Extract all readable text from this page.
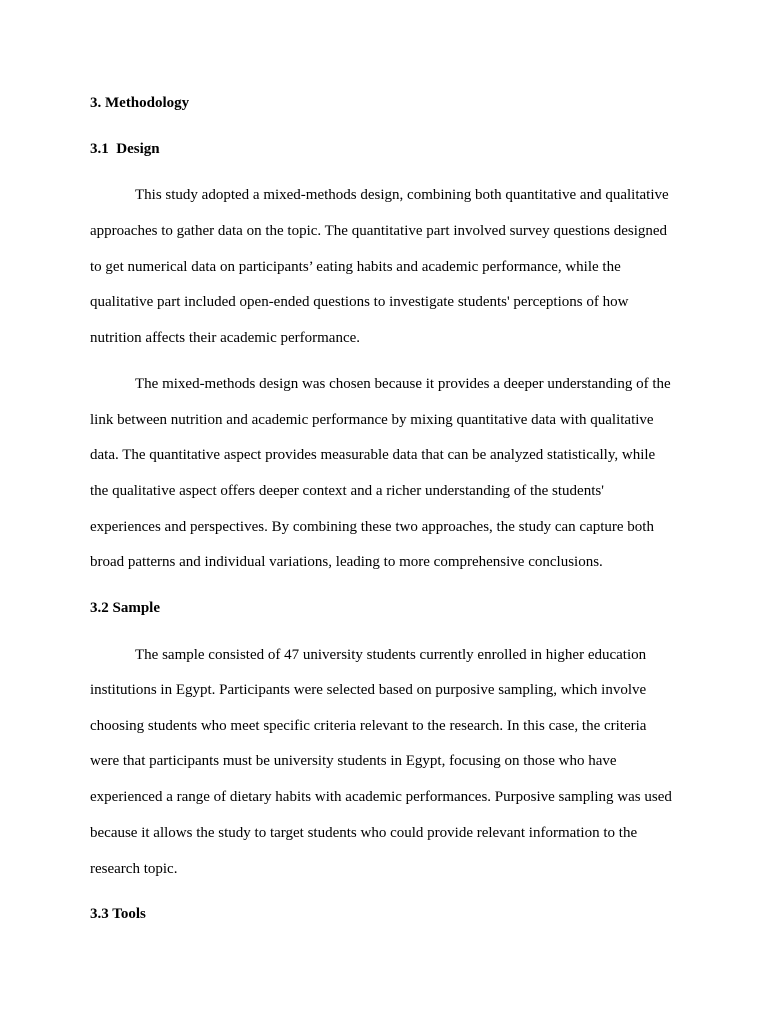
3. Methodology
3.1  Design
This study adopted a mixed-methods design, combining both quantitative and qualitative
approaches to gather data on the topic. The quantitative part involved survey questions designed
to get numerical data on participants’ eating habits and academic performance, while the
qualitative part included open-ended questions to investigate students' perceptions of how
nutrition affects their academic performance.
The mixed-methods design was chosen because it provides a deeper understanding of the
link between nutrition and academic performance by mixing quantitative data with qualitative
data. The quantitative aspect provides measurable data that can be analyzed statistically, while
the qualitative aspect offers deeper context and a richer understanding of the students'
experiences and perspectives. By combining these two approaches, the study can capture both
broad patterns and individual variations, leading to more comprehensive conclusions.
3.2 Sample
The sample consisted of 47 university students currently enrolled in higher education
institutions in Egypt. Participants were selected based on purposive sampling, which involve
choosing students who meet specific criteria relevant to the research. In this case, the criteria
were that participants must be university students in Egypt, focusing on those who have
experienced a range of dietary habits with academic performances. Purposive sampling was used
because it allows the study to target students who could provide relevant information to the
research topic.
3.3 Tools
